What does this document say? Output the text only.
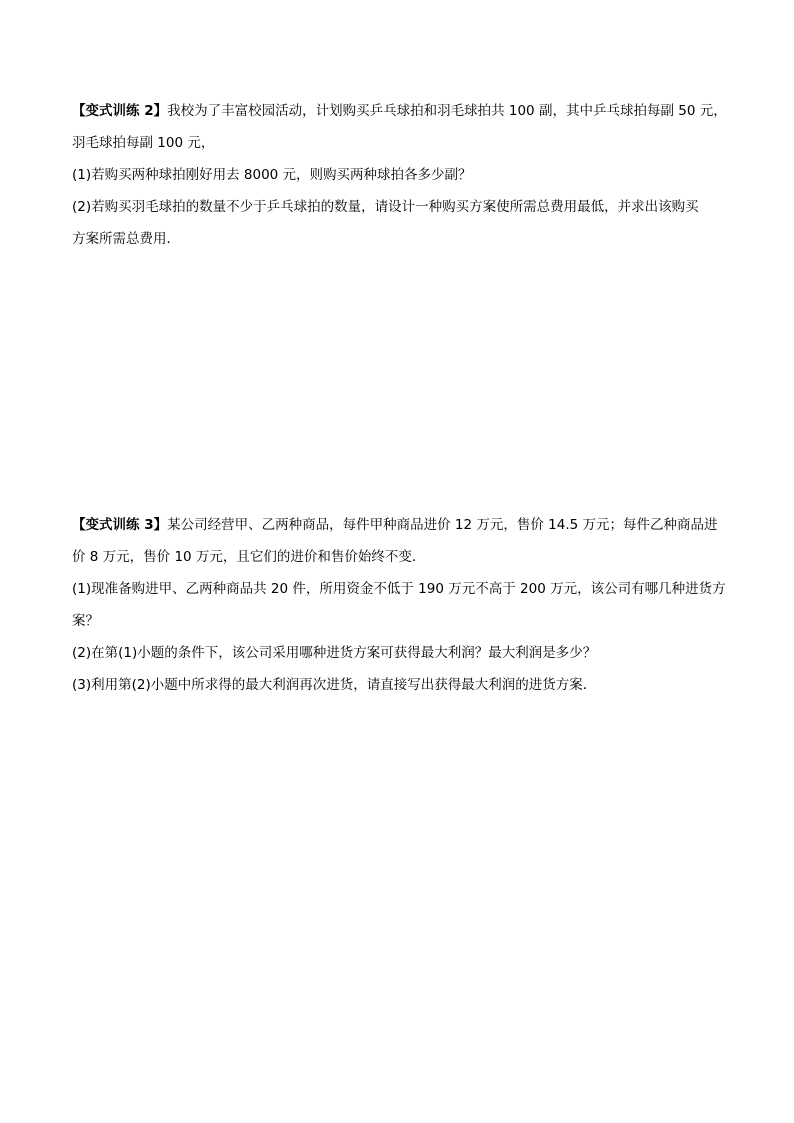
【变式训练 2】我校为了丰富校园活动，计划购买乒乓球拍和羽毛球拍共 100 副，其中乒乓球拍每副 50 元，
羽毛球拍每副 100 元，
(1)若购买两种球拍刚好用去 8000 元，则购买两种球拍各多少副？
(2)若购买羽毛球拍的数量不少于乒乓球拍的数量，请设计一种购买方案使所需总费用最低，并求出该购买
方案所需总费用．
【变式训练 3】某公司经营甲、乙两种商品，每件甲种商品进价 12 万元，售价 14.5 万元；每件乙种商品进
价 8 万元，售价 10 万元，且它们的进价和售价始终不变．
(1)现准备购进甲、乙两种商品共 20 件，所用资金不低于 190 万元不高于 200 万元，该公司有哪几种进货方
案？
(2)在第(1)小题的条件下，该公司采用哪种进货方案可获得最大利润？最大利润是多少？
(3)利用第(2)小题中所求得的最大利润再次进货，请直接写出获得最大利润的进货方案．
